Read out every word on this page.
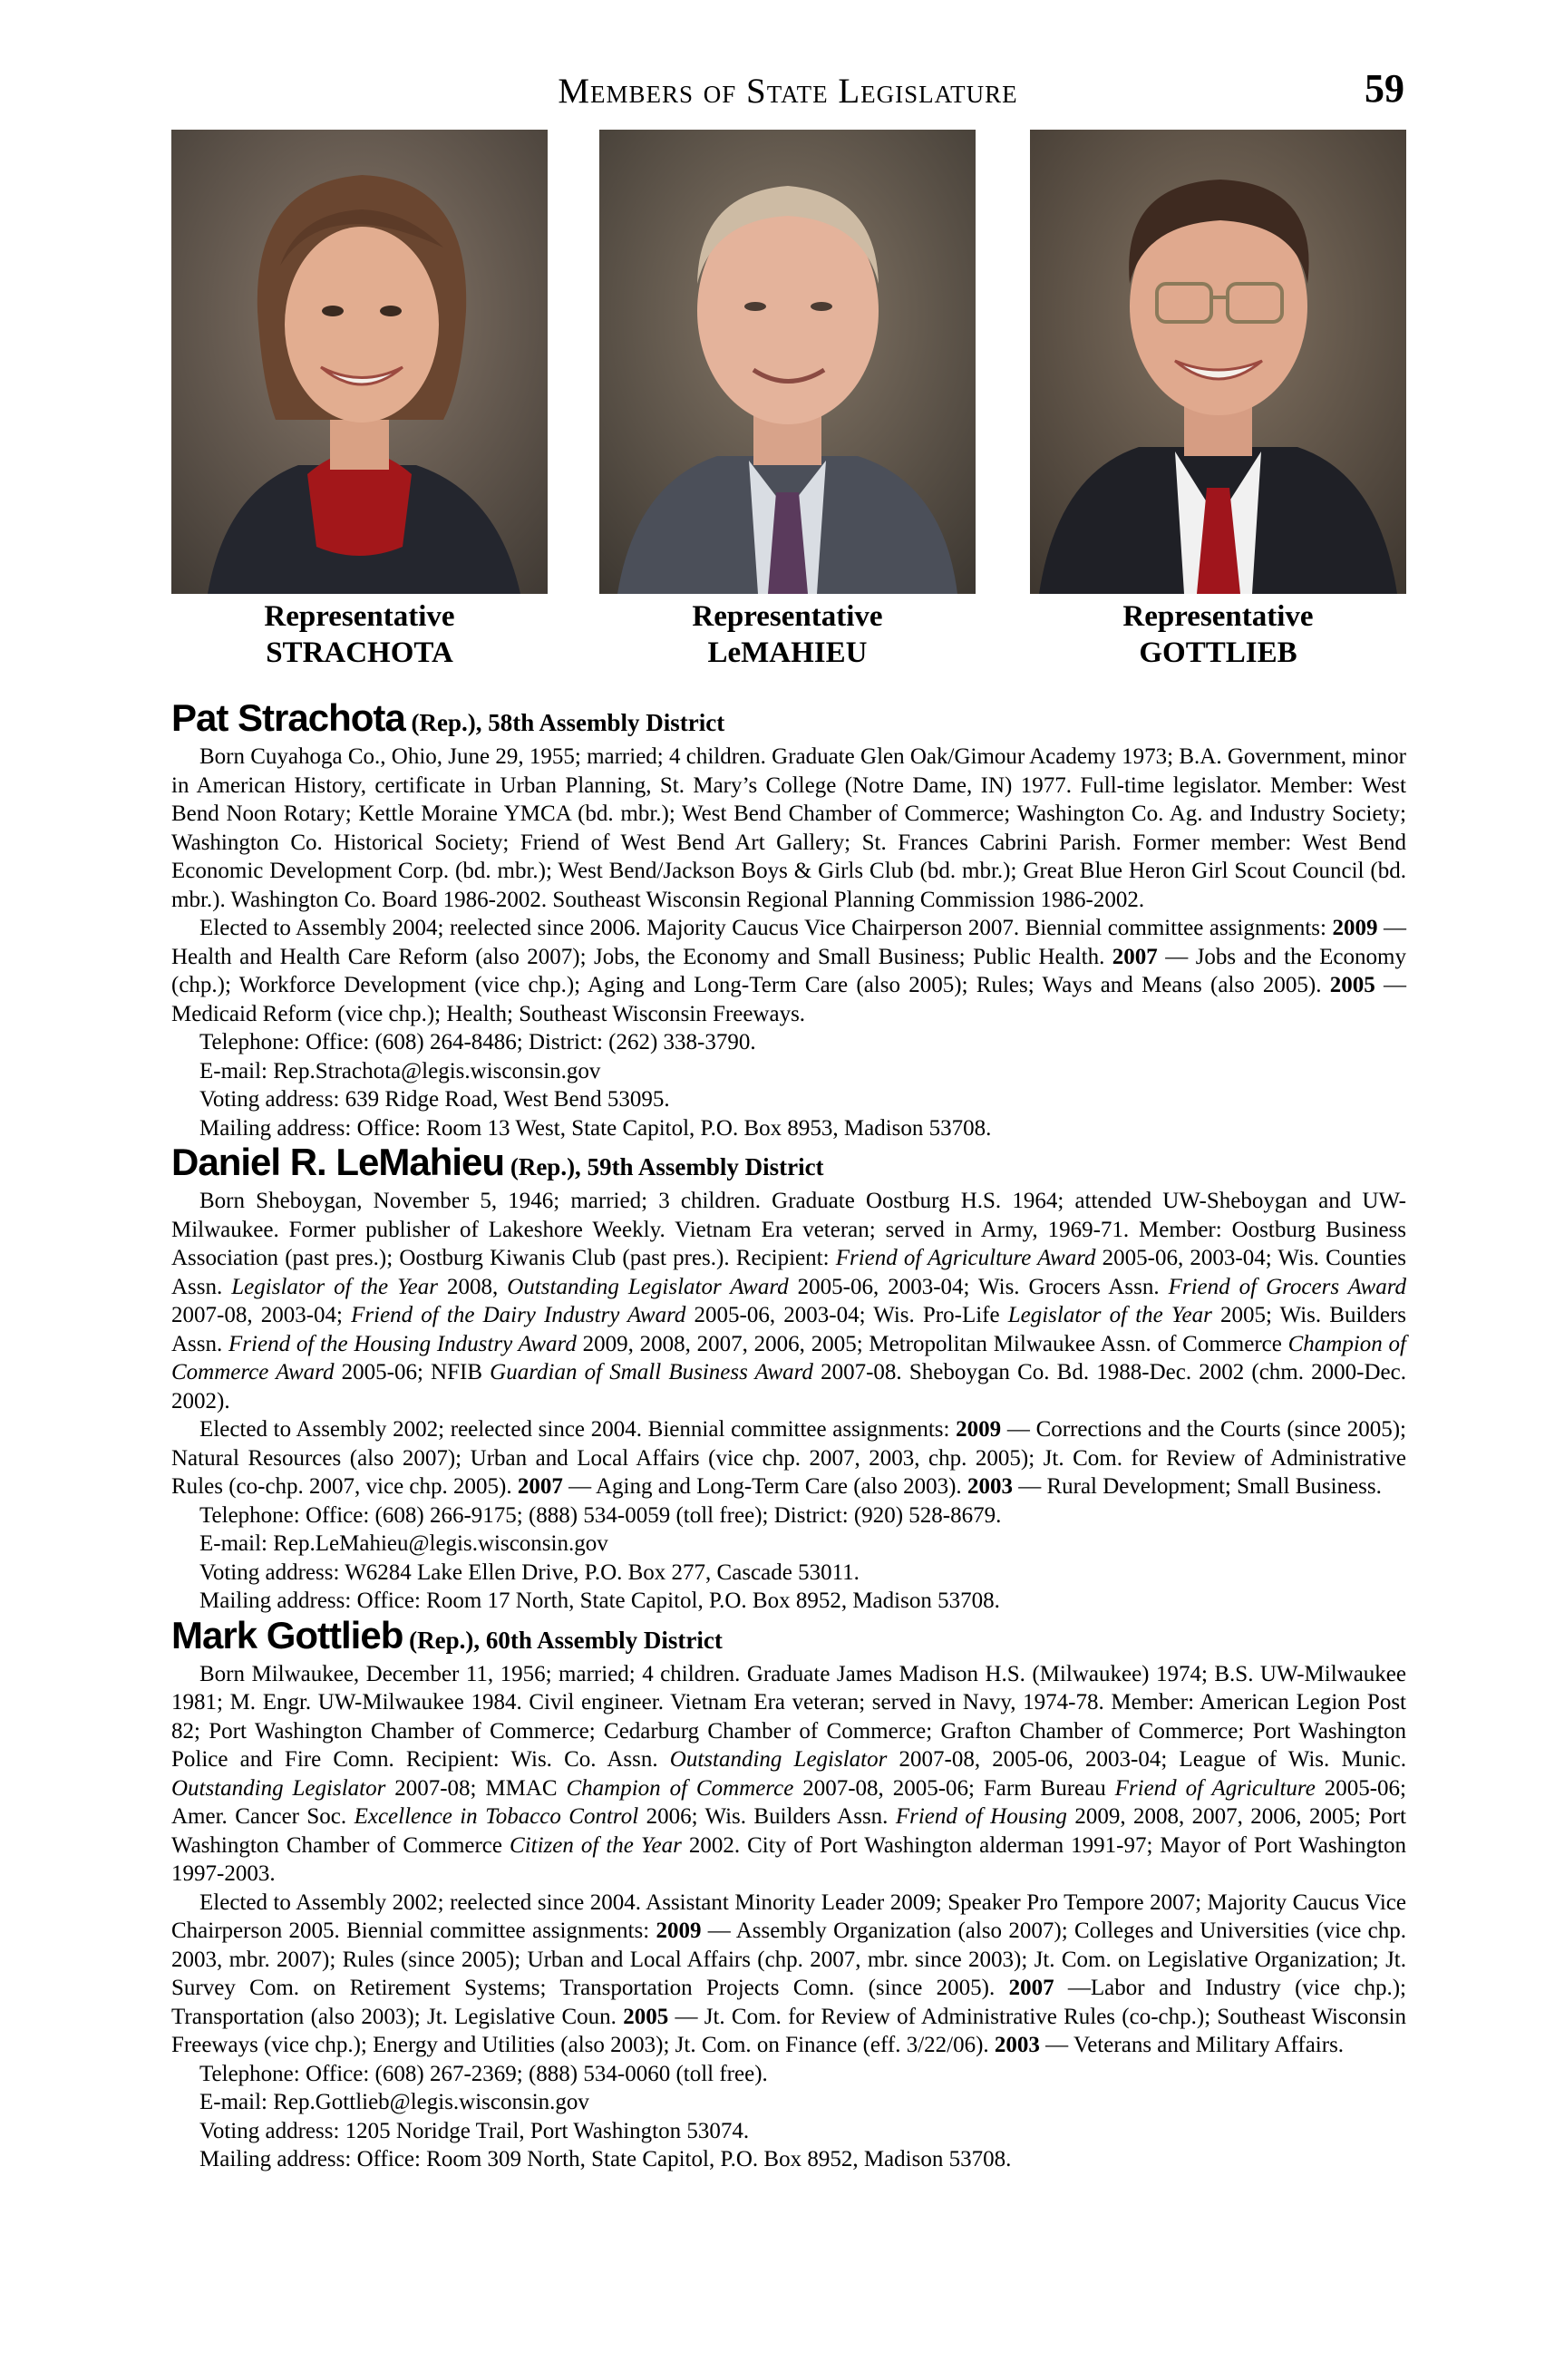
Members of State Legislature	59
Representative
STRACHOTA
Representative
LeMAHIEU
Representative
GOTTLIEB
Pat Strachota (Rep.), 58th Assembly District

Born Cuyahoga Co., Ohio, June 29, 1955; married; 4 children. Graduate Glen Oak/Gimour Academy 1973; B.A. Government, minor in American History, certificate in Urban Planning, St. Mary’s College (Notre Dame, IN) 1977. Full-time legislator. Member: West Bend Noon Rotary; Kettle Moraine YMCA (bd. mbr.); West Bend Chamber of Commerce; Washington Co. Ag. and Industry Society; Washington Co. Historical Society; Friend of West Bend Art Gallery; St. Frances Cabrini Parish. Former member: West Bend Economic Development Corp. (bd. mbr.); West Bend/Jackson Boys & Girls Club (bd. mbr.); Great Blue Heron Girl Scout Council (bd. mbr.). Washington Co. Board 1986-2002. Southeast Wisconsin Regional Planning Commission 1986-2002.

Elected to Assembly 2004; reelected since 2006. Majority Caucus Vice Chairperson 2007. Biennial committee assignments: 2009 — Health and Health Care Reform (also 2007); Jobs, the Economy and Small Business; Public Health. 2007 — Jobs and the Economy (chp.); Workforce Development (vice chp.); Aging and Long-Term Care (also 2005); Rules; Ways and Means (also 2005). 2005 — Medicaid Reform (vice chp.); Health; Southeast Wisconsin Freeways.

Telephone: Office: (608) 264-8486; District: (262) 338-3790.
E-mail: Rep.Strachota@legis.wisconsin.gov
Voting address: 639 Ridge Road, West Bend 53095.
Mailing address: Office: Room 13 West, State Capitol, P.O. Box 8953, Madison 53708.
Daniel R. LeMahieu (Rep.), 59th Assembly District

Born Sheboygan, November 5, 1946; married; 3 children. Graduate Oostburg H.S. 1964; attended UW-Sheboygan and UW-Milwaukee. Former publisher of Lakeshore Weekly. Vietnam Era veteran; served in Army, 1969-71. Member: Oostburg Business Association (past pres.); Oostburg Kiwanis Club (past pres.). Recipient: Friend of Agriculture Award 2005-06, 2003-04; Wis. Counties Assn. Legislator of the Year 2008, Outstanding Legislator Award 2005-06, 2003-04; Wis. Grocers Assn. Friend of Grocers Award 2007-08, 2003-04; Friend of the Dairy Industry Award 2005-06, 2003-04; Wis. Pro-Life Legislator of the Year 2005; Wis. Builders Assn. Friend of the Housing Industry Award 2009, 2008, 2007, 2006, 2005; Metropolitan Milwaukee Assn. of Commerce Champion of Commerce Award 2005-06; NFIB Guardian of Small Business Award 2007-08. Sheboygan Co. Bd. 1988-Dec. 2002 (chm. 2000-Dec. 2002).

Elected to Assembly 2002; reelected since 2004. Biennial committee assignments: 2009 — Corrections and the Courts (since 2005); Natural Resources (also 2007); Urban and Local Affairs (vice chp. 2007, 2003, chp. 2005); Jt. Com. for Review of Administrative Rules (co-chp. 2007, vice chp. 2005). 2007 — Aging and Long-Term Care (also 2003). 2003 — Rural Development; Small Business.

Telephone: Office: (608) 266-9175; (888) 534-0059 (toll free); District: (920) 528-8679.
E-mail: Rep.LeMahieu@legis.wisconsin.gov
Voting address: W6284 Lake Ellen Drive, P.O. Box 277, Cascade 53011.
Mailing address: Office: Room 17 North, State Capitol, P.O. Box 8952, Madison 53708.
Mark Gottlieb (Rep.), 60th Assembly District

Born Milwaukee, December 11, 1956; married; 4 children. Graduate James Madison H.S. (Milwaukee) 1974; B.S. UW-Milwaukee 1981; M. Engr. UW-Milwaukee 1984. Civil engineer. Vietnam Era veteran; served in Navy, 1974-78. Member: American Legion Post 82; Port Washington Chamber of Commerce; Cedarburg Chamber of Commerce; Grafton Chamber of Commerce; Port Washington Police and Fire Comn. Recipient: Wis. Co. Assn. Outstanding Legislator 2007-08, 2005-06, 2003-04; League of Wis. Munic. Outstanding Legislator 2007-08; MMAC Champion of Commerce 2007-08, 2005-06; Farm Bureau Friend of Agriculture 2005-06; Amer. Cancer Soc. Excellence in Tobacco Control 2006; Wis. Builders Assn. Friend of Housing 2009, 2008, 2007, 2006, 2005; Port Washington Chamber of Commerce Citizen of the Year 2002. City of Port Washington alderman 1991-97; Mayor of Port Washington 1997-2003.

Elected to Assembly 2002; reelected since 2004. Assistant Minority Leader 2009; Speaker Pro Tempore 2007; Majority Caucus Vice Chairperson 2005. Biennial committee assignments: 2009 — Assembly Organization (also 2007); Colleges and Universities (vice chp. 2003, mbr. 2007); Rules (since 2005); Urban and Local Affairs (chp. 2007, mbr. since 2003); Jt. Com. on Legislative Organization; Jt. Survey Com. on Retirement Systems; Transportation Projects Comn. (since 2005). 2007 —Labor and Industry (vice chp.); Transportation (also 2003); Jt. Legislative Coun. 2005 — Jt. Com. for Review of Administrative Rules (co-chp.); Southeast Wisconsin Freeways (vice chp.); Energy and Utilities (also 2003); Jt. Com. on Finance (eff. 3/22/06). 2003 — Veterans and Military Affairs.

Telephone: Office: (608) 267-2369; (888) 534-0060 (toll free).
E-mail: Rep.Gottlieb@legis.wisconsin.gov
Voting address: 1205 Noridge Trail, Port Washington 53074.
Mailing address: Office: Room 309 North, State Capitol, P.O. Box 8952, Madison 53708.
